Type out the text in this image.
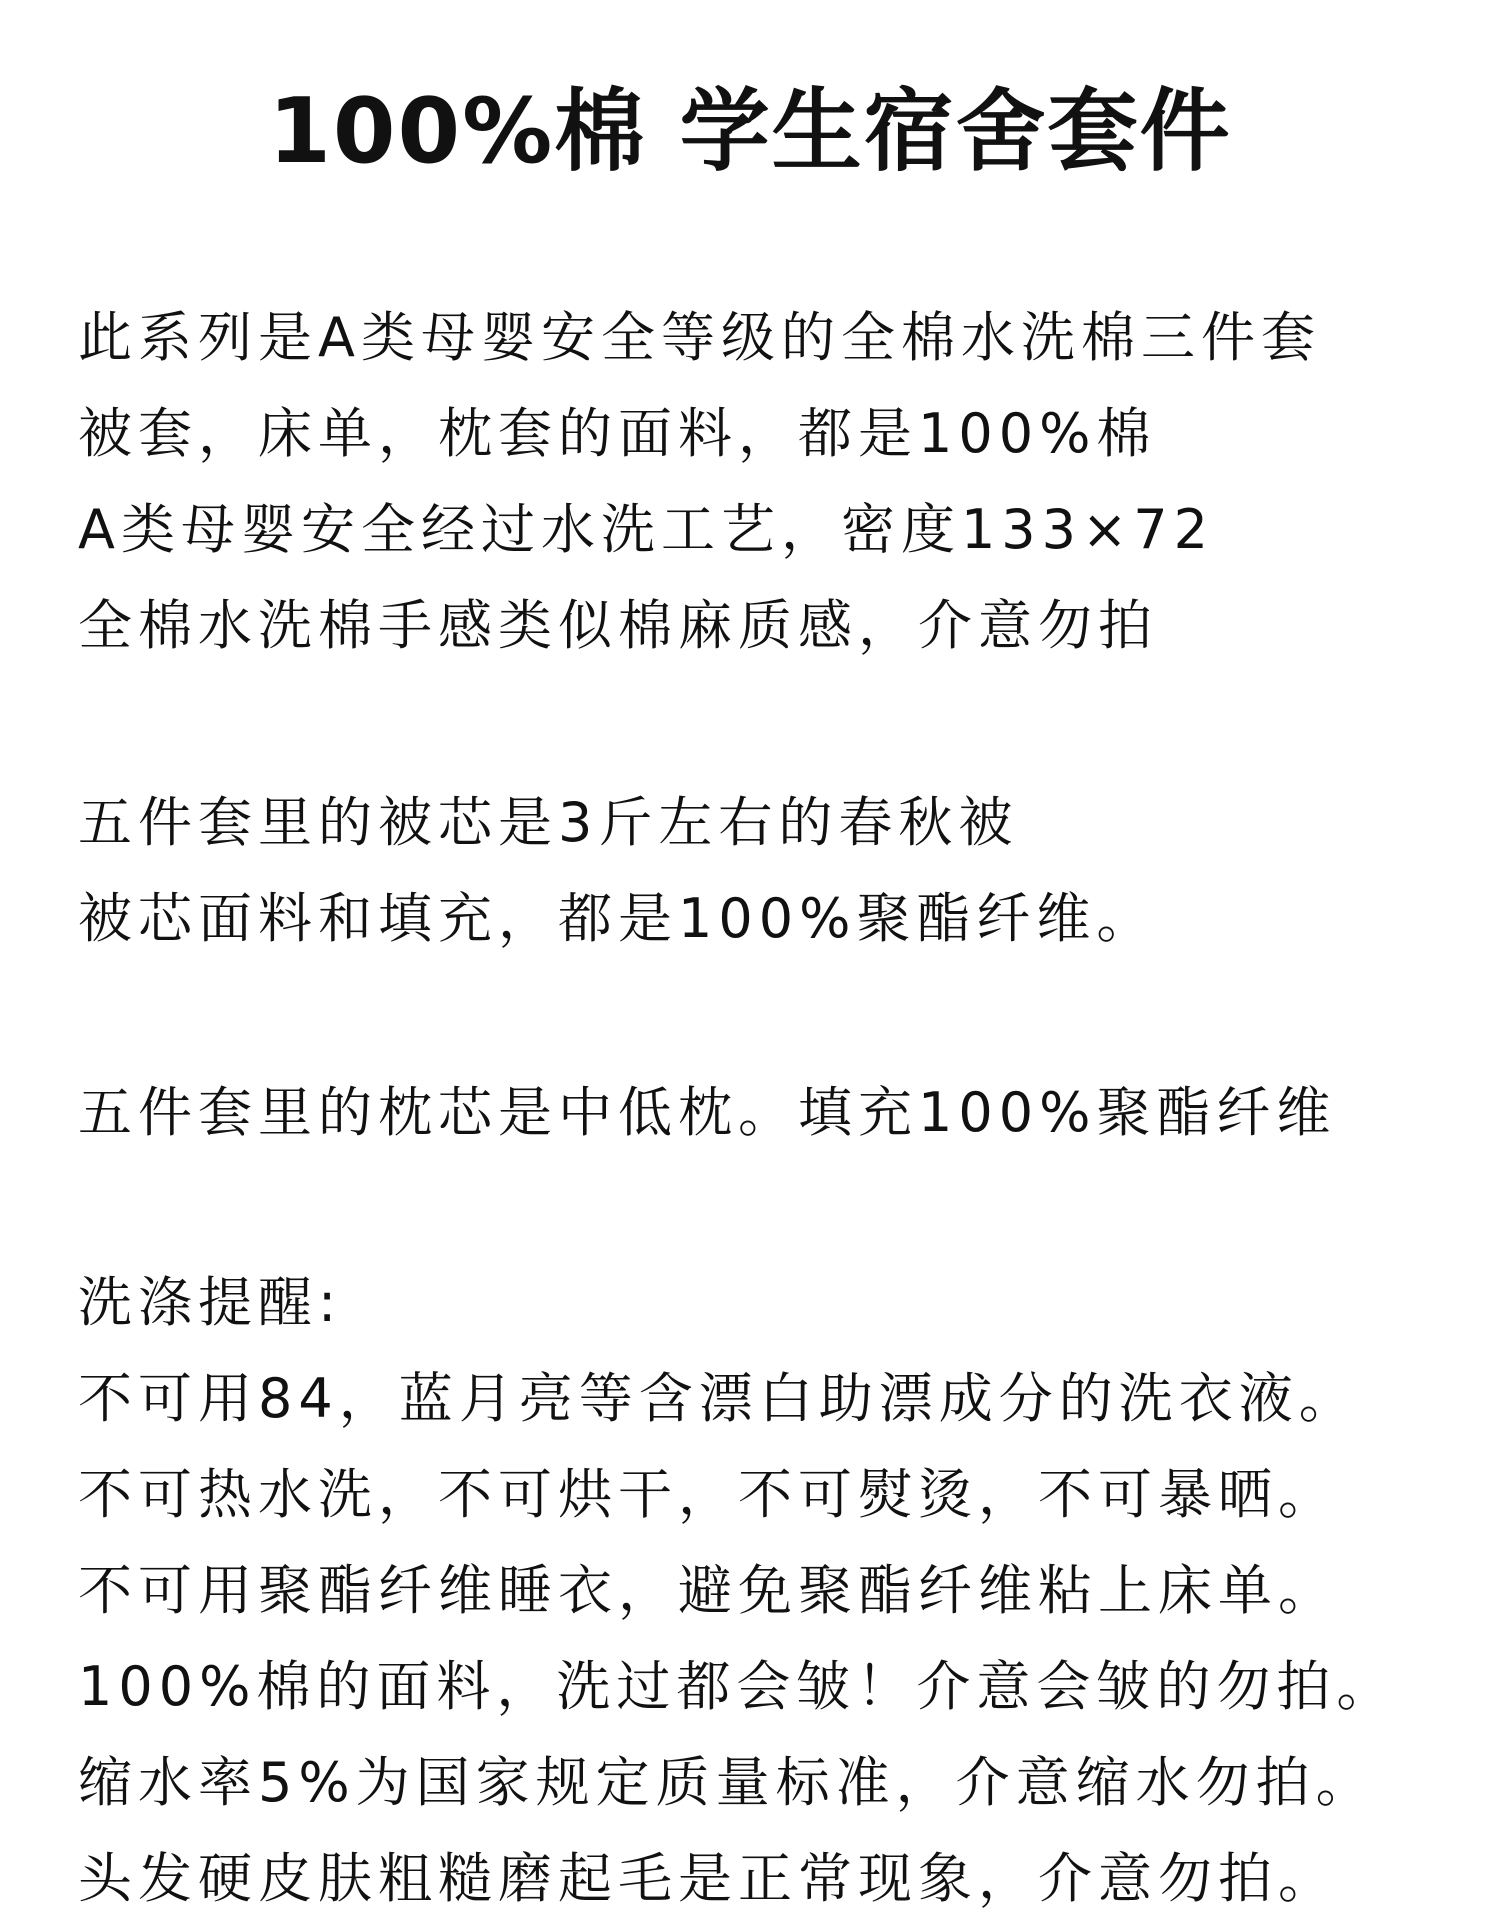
100%棉 学生宿舍套件
此系列是A类母婴安全等级的全棉水洗棉三件套
被套，床单，枕套的面料，都是100%棉
A类母婴安全经过水洗工艺，密度133×72
全棉水洗棉手感类似棉麻质感，介意勿拍
五件套里的被芯是3斤左右的春秋被
被芯面料和填充，都是100%聚酯纤维。
五件套里的枕芯是中低枕。填充100%聚酯纤维
洗涤提醒:
不可用84，蓝月亮等含漂白助漂成分的洗衣液。
不可热水洗，不可烘干，不可熨烫，不可暴晒。
不可用聚酯纤维睡衣，避免聚酯纤维粘上床单。
100%棉的面料，洗过都会皱！介意会皱的勿拍。
缩水率5%为国家规定质量标准，介意缩水勿拍。
头发硬皮肤粗糙磨起毛是正常现象，介意勿拍。
